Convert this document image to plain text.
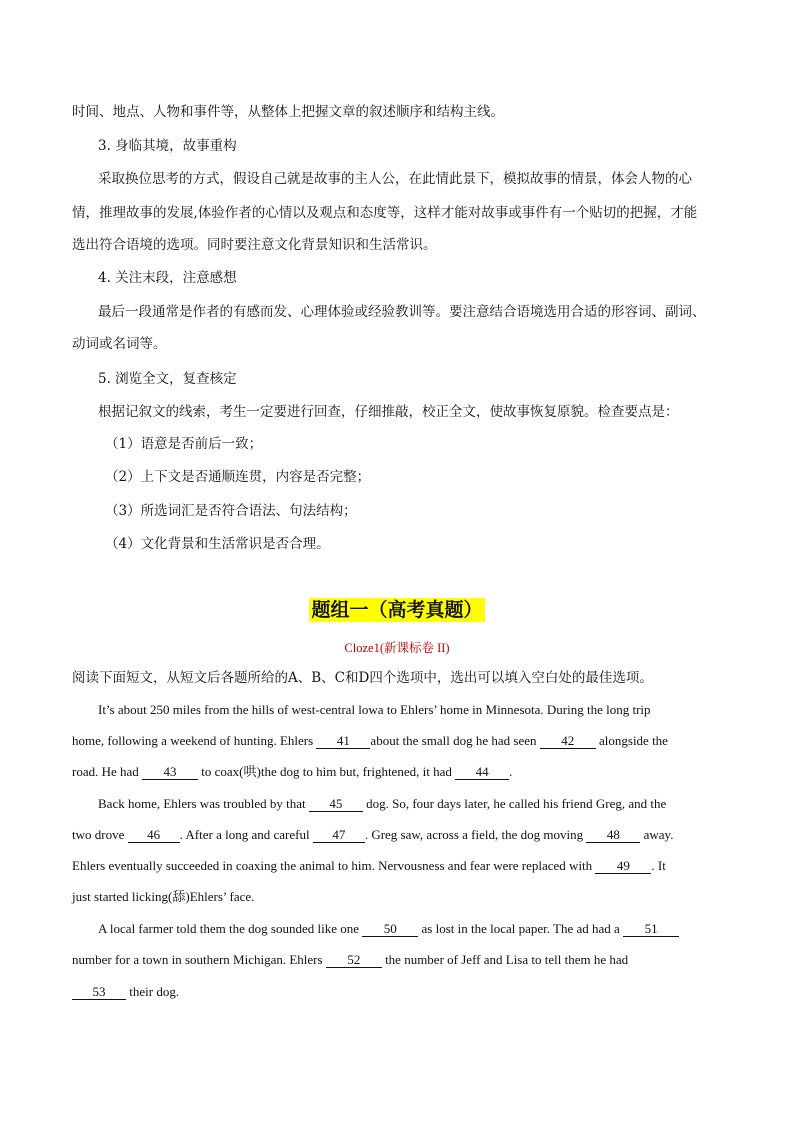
时间、地点、人物和事件等，从整体上把握文章的叙述顺序和结构主线。
3. 身临其境，故事重构
采取换位思考的方式，假设自己就是故事的主人公，在此情此景下，模拟故事的情景，体会人物的心
情，推理故事的发展,体验作者的心情以及观点和态度等，这样才能对故事或事件有一个贴切的把握，才能
选出符合语境的选项。同时要注意文化背景知识和生活常识。
4. 关注末段，注意感想
最后一段通常是作者的有感而发、心理体验或经验教训等。要注意结合语境选用合适的形容词、副词、
动词或名词等。
5. 浏览全文，复查核定
根据记叙文的线索，考生一定要进行回查，仔细推敲，校正全文，使故事恢复原貌。检查要点是：
（1）语意是否前后一致；
（2）上下文是否通顺连贯，内容是否完整；
（3）所选词汇是否符合语法、句法结构；
（4）文化背景和生活常识是否合理。
题组一（高考真题）
Cloze1(新课标卷 II)
阅读下面短文，从短文后各题所给的A、B、C和D四个选项中，选出可以填入空白处的最佳选项。
It’s about 250 miles from the hills of west-central lowa to Ehlers’ home in Minnesota. During the long trip
home, following a weekend of hunting. Ehlers 41 about the small dog he had seen 42 alongside the
road. He had 43 to coax(哄)the dog to him but, frightened, it had 44 .
Back home, Ehlers was troubled by that 45 dog. So, four days later, he called his friend Greg, and the
two drove 46 . After a long and careful 47 . Greg saw, across a field, the dog moving 48 away.
Ehlers eventually succeeded in coaxing the animal to him. Nervousness and fear were replaced with 49 . It
just started licking(舔)Ehlers’ face.
A local farmer told them the dog sounded like one 50 as lost in the local paper. The ad had a 51
number for a town in southern Michigan. Ehlers 52 the number of Jeff and Lisa to tell them he had
53 their dog.
